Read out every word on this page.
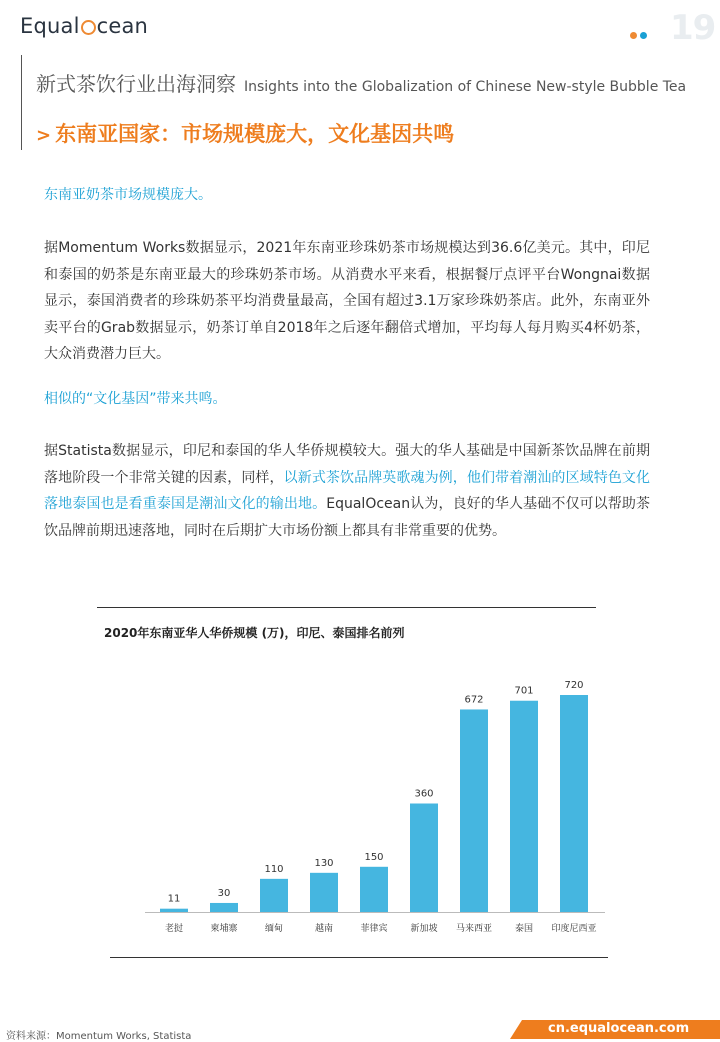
Equal cean	19
新式茶饮行业出海洞察 Insights into the Globalization of Chinese New-style Bubble Tea
> 东南亚国家：市场规模庞大，文化基因共鸣
东南亚奶茶市场规模庞大。

据Momentum Works数据显示，2021年东南亚珍珠奶茶市场规模达到36.6亿美元。其中，印尼和泰国的奶茶是东南亚最大的珍珠奶茶市场。从消费水平来看，根据餐厅点评平台Wongnai数据显示，泰国消费者的珍珠奶茶平均消费量最高，全国有超过3.1万家珍珠奶茶店。此外，东南亚外卖平台的Grab数据显示，奶茶订单自2018年之后逐年翻倍式增加，平均每人每月购买4杯奶茶，大众消费潜力巨大。

相似的“文化基因”带来共鸣。

据Statista数据显示，印尼和泰国的华人华侨规模较大。强大的华人基础是中国新茶饮品牌在前期落地阶段一个非常关键的因素，同样，以新式茶饮品牌英歌魂为例，他们带着潮汕的区域特色文化落地泰国也是看重泰国是潮汕文化的输出地。EqualOcean认为，良好的华人基础不仅可以帮助茶饮品牌前期迅速落地，同时在后期扩大市场份额上都具有非常重要的优势。

2020年东南亚华人华侨规模 (万)，印尼、泰国排名前列
11
老挝
30
柬埔寨
110
缅甸
130
越南
150
菲律宾
360
新加坡
672
马来西亚
701
泰国
720
印度尼西亚
资料来源：Momentum Works, Statista
cn.equalocean.com
